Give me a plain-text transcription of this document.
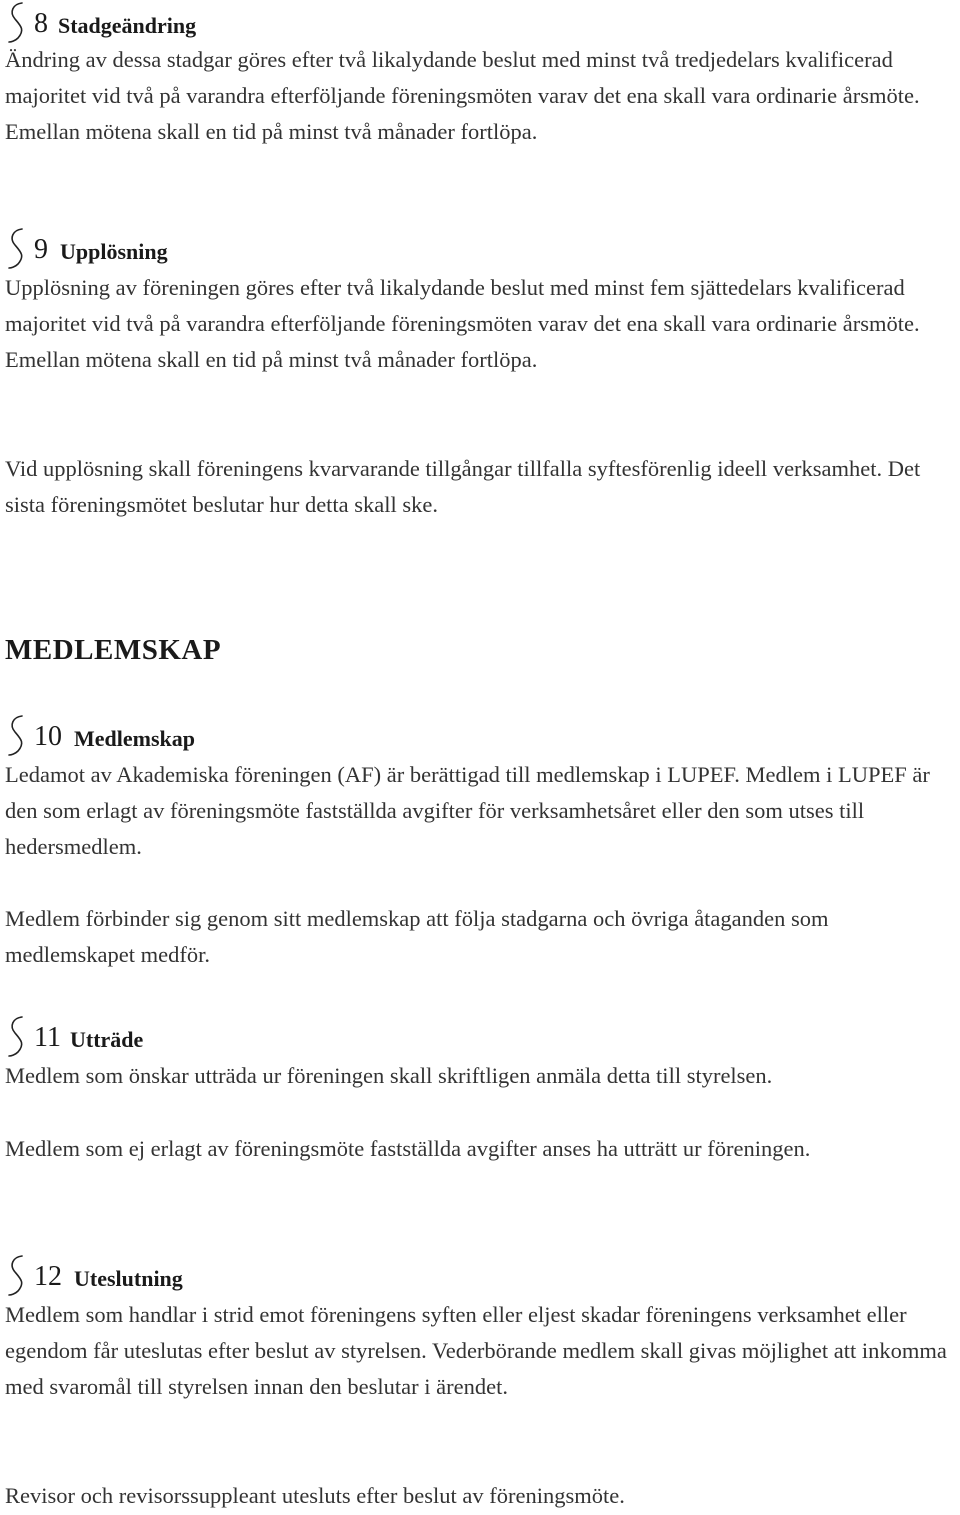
8 Stadgeändring

Ändring av dessa stadgar göres efter två likalydande beslut med minst två tredjedelars kvalificerad majoritet vid två på varandra efterföljande föreningsmöten varav det ena skall vara ordinarie årsmöte. Emellan mötena skall en tid på minst två månader fortlöpa.

9 Upplösning

Upplösning av föreningen göres efter två likalydande beslut med minst fem sjättedelars kvalificerad majoritet vid två på varandra efterföljande föreningsmöten varav det ena skall vara ordinarie årsmöte. Emellan mötena skall en tid på minst två månader fortlöpa.

Vid upplösning skall föreningens kvarvarande tillgångar tillfalla syftesförenlig ideell verksamhet. Det sista föreningsmötet beslutar hur detta skall ske.

MEDLEMSKAP
10 Medlemskap

Ledamot av Akademiska föreningen (AF) är berättigad till medlemskap i LUPEF. Medlem i LUPEF är den som erlagt av föreningsmöte fastställda avgifter för verksamhetsåret eller den som utses till hedersmedlem.

Medlem förbinder sig genom sitt medlemskap att följa stadgarna och övriga åtaganden som medlemskapet medför.

11 Utträde

Medlem som önskar utträda ur föreningen skall skriftligen anmäla detta till styrelsen.

Medlem som ej erlagt av föreningsmöte fastställda avgifter anses ha utträtt ur föreningen.

12 Uteslutning

Medlem som handlar i strid emot föreningens syften eller eljest skadar föreningens verksamhet eller egendom får uteslutas efter beslut av styrelsen. Vederbörande medlem skall givas möjlighet att inkomma med svaromål till styrelsen innan den beslutar i ärendet.

Revisor och revisorssuppleant utesluts efter beslut av föreningsmöte.
